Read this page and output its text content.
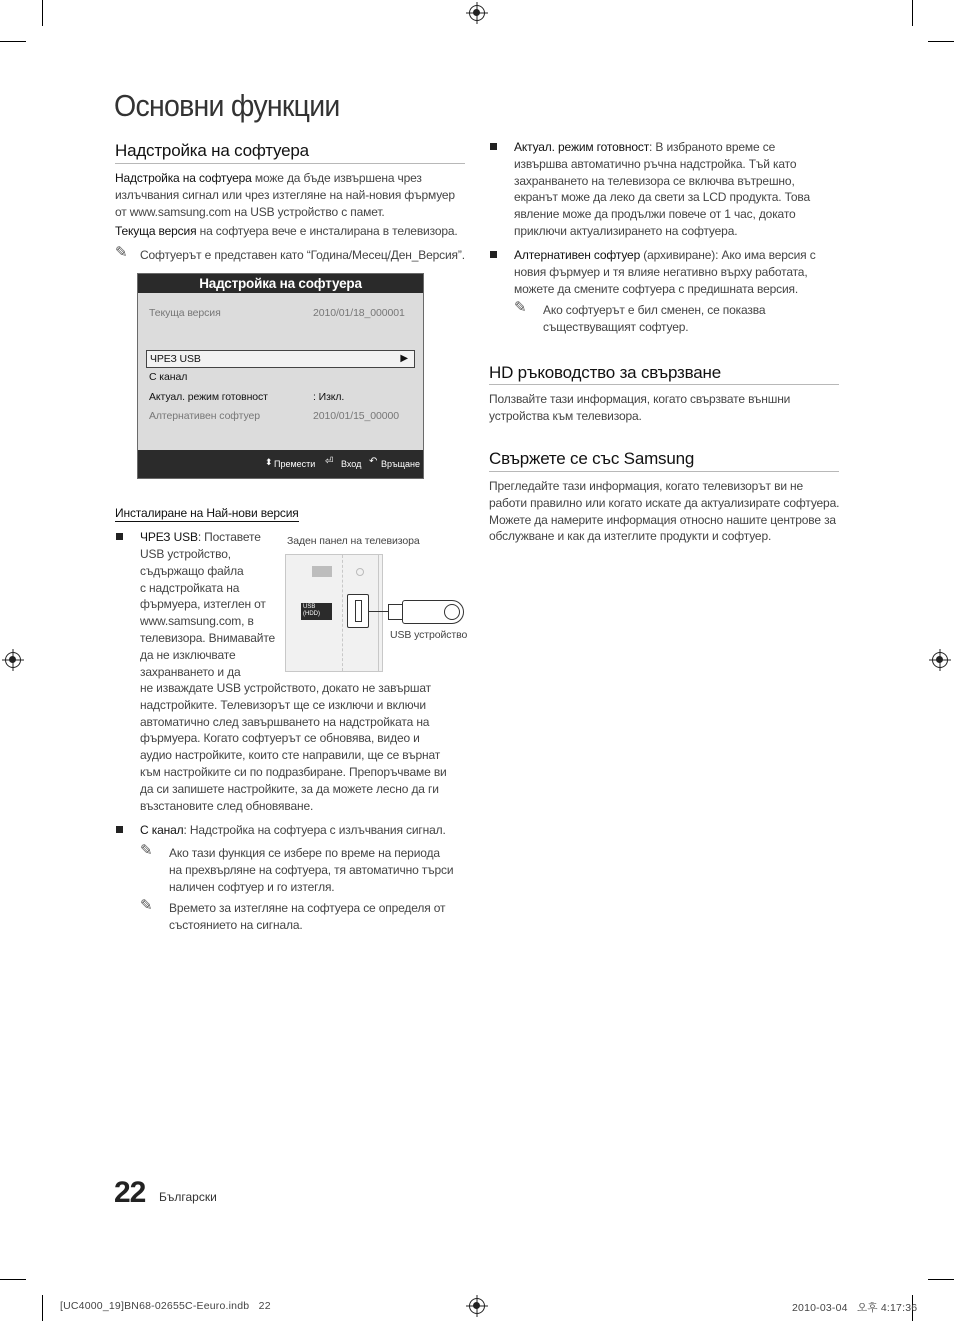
Основни функции
Надстройка на софтуера
Надстройка на софтуера може да бъде извършена чрез излъчвания сигнал или чрез изтегляне на най-новия фърмуер от www.samsung.com на USB устройство с памет.
Текуща версия на софтуера вече е инсталирана в телевизора.
✎ Софтуерът е представен като “Година/Месец/Ден_Версия”.
Надстройка на софтуера
Текуща версия	2010/01/18_000001
ЧРЕЗ USB	▶
С канал
Актуал. режим готовност	: Изкл.
Алтернативен софтуер	2010/01/15_00000
⬍ Премести ⏎ Вход ↶ Връщане
Инсталиране на Най-нови версия
ЧРЕЗ USB: Поставете
USB устройство,
съдържащо файла
с надстройката на
фърмуера, изтеглен от
www.samsung.com, в
телевизора. Внимавайте
да не изключвате
захранването и да
не изваждате USB устройството, докато не завършат надстройките. Телевизорът ще се изключи и включи автоматично след завършването на надстройката на фърмуера. Когато софтуерът се обновява, видео и аудио настройките, които сте направили, ще се върнат към настройките си по подразбиране. Препоръчваме ви да си запишете настройките, за да можете лесно да ги възстановите след обновяване.
Заден панел на телевизора
USB
(HDD)
USB устройство
С канал: Надстройка на софтуера с излъчвания сигнал.
✎ Ако тази функция се избере по време на периода на прехвърляне на софтуера, тя автоматично търси наличен софтуер и го изтегля.
✎ Времето за изтегляне на софтуера се определя от състоянието на сигнала.
Актуал. режим готовност: В избраното време се извършва автоматично ръчна надстройка. Тъй като захранването на телевизора се включва вътрешно, екранът може да леко да свети за LCD продукта. Това явление може да продължи повече от 1 час, докато приключи актуализирането на софтуера.
Алтернативен софтуер (архивиране): Ако има версия с новия фърмуер и тя влияе негативно върху работата, можете да смените софтуера с предишната версия.
✎ Ако софтуерът е бил сменен, се показва съществуващият софтуер.
HD ръководство за свързване
Ползвайте тази информация, когато свързвате външни устройства към телевизора.
Свържете се със Samsung
Прегледайте тази информация, когато телевизорът ви не работи правилно или когато искате да актуализирате софтуера. Можете да намерите информация относно нашите центрове за обслужване и как да изтеглите продукти и софтуер.
22 Български
[UC4000_19]BN68-02655C-Eeuro.indb   22	2010-03-04   오후 4:17:36
